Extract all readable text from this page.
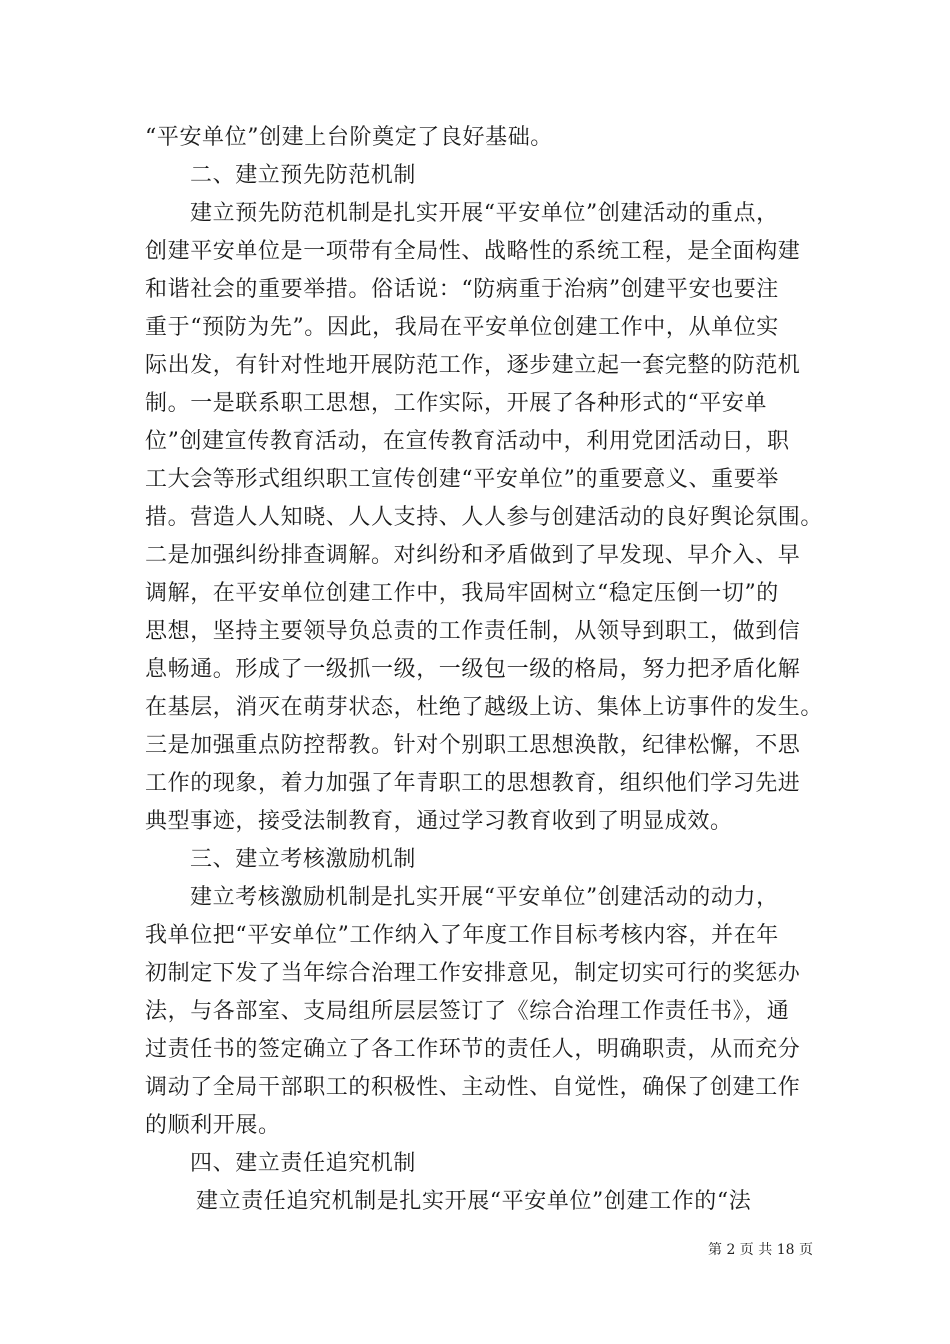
“平安单位”创建上台阶奠定了良好基础。
二、建立预先防范机制
建立预先防范机制是扎实开展“平安单位”创建活动的重点，
创建平安单位是一项带有全局性、战略性的系统工程，是全面构建
和谐社会的重要举措。俗话说：“防病重于治病”创建平安也要注
重于“预防为先”。因此，我局在平安单位创建工作中，从单位实
际出发，有针对性地开展防范工作，逐步建立起一套完整的防范机
制。一是联系职工思想，工作实际，开展了各种形式的“平安单
位”创建宣传教育活动，在宣传教育活动中，利用党团活动日，职
工大会等形式组织职工宣传创建“平安单位”的重要意义、重要举
措。营造人人知晓、人人支持、人人参与创建活动的良好舆论氛围。
二是加强纠纷排查调解。对纠纷和矛盾做到了早发现、早介入、早
调解，在平安单位创建工作中，我局牢固树立“稳定压倒一切”的
思想，坚持主要领导负总责的工作责任制，从领导到职工，做到信
息畅通。形成了一级抓一级，一级包一级的格局，努力把矛盾化解
在基层，消灭在萌芽状态，杜绝了越级上访、集体上访事件的发生。
三是加强重点防控帮教。针对个别职工思想涣散，纪律松懈，不思
工作的现象，着力加强了年青职工的思想教育，组织他们学习先进
典型事迹，接受法制教育，通过学习教育收到了明显成效。
三、建立考核激励机制
建立考核激励机制是扎实开展“平安单位”创建活动的动力，
我单位把“平安单位”工作纳入了年度工作目标考核内容，并在年
初制定下发了当年综合治理工作安排意见，制定切实可行的奖惩办
法，与各部室、支局组所层层签订了《综合治理工作责任书》，通
过责任书的签定确立了各工作环节的责任人，明确职责，从而充分
调动了全局干部职工的积极性、主动性、自觉性，确保了创建工作
的顺利开展。
四、建立责任追究机制
建立责任追究机制是扎实开展“平安单位”创建工作的“法
第 2 页 共 18 页
